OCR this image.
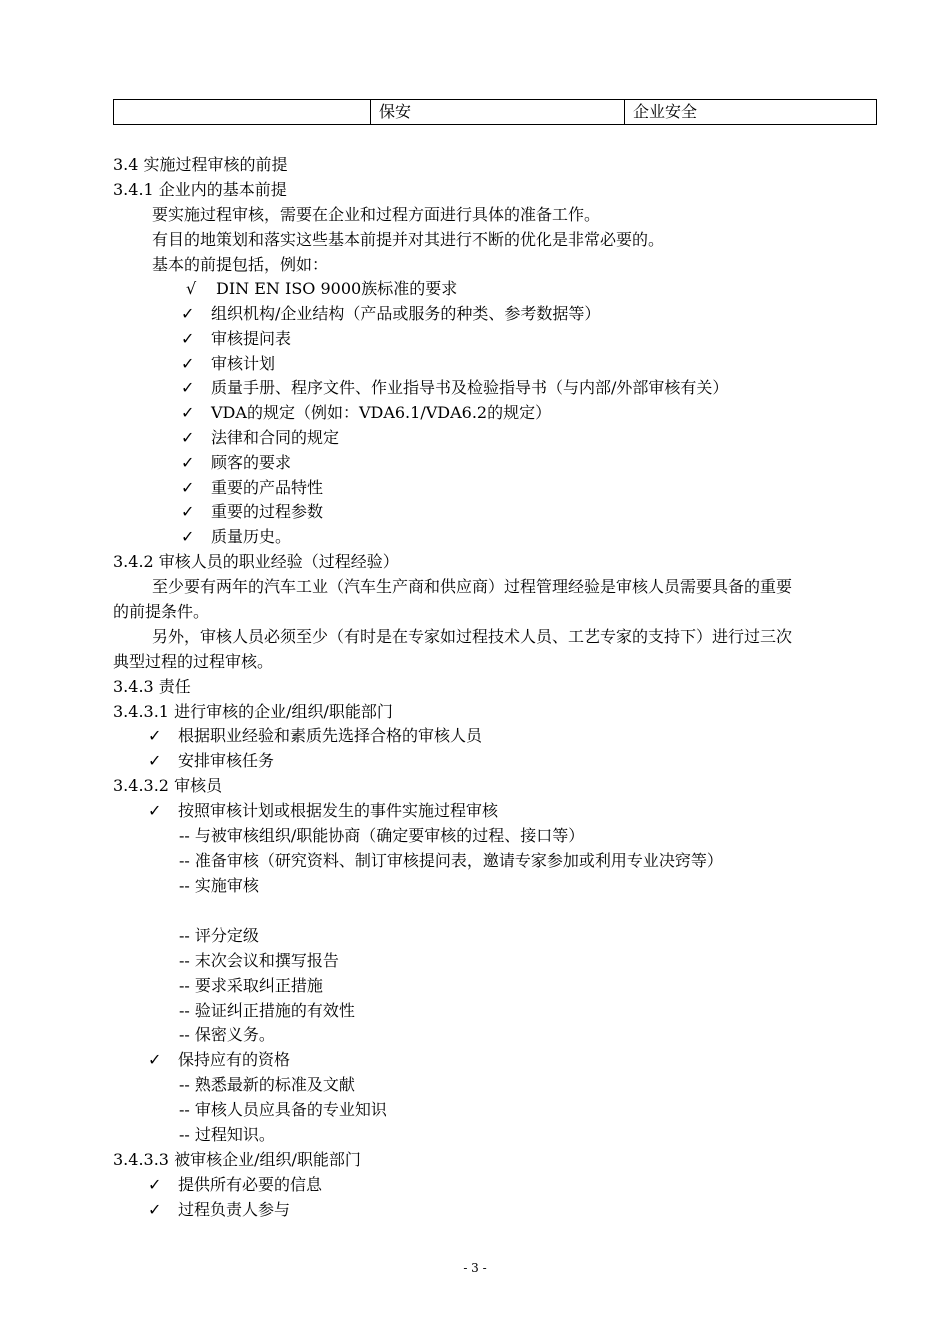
保安	企业安全
3.4 实施过程审核的前提
3.4.1 企业内的基本前提
要实施过程审核，需要在企业和过程方面进行具体的准备工作。
有目的地策划和落实这些基本前提并对其进行不断的优化是非常必要的。
基本的前提包括，例如：
√ DIN EN ISO 9000族标准的要求
✓ 组织机构/企业结构（产品或服务的种类、参考数据等）
✓ 审核提问表
✓ 审核计划
✓ 质量手册、程序文件、作业指导书及检验指导书（与内部/外部审核有关）
✓ VDA的规定（例如：VDA6.1/VDA6.2的规定）
✓ 法律和合同的规定
✓ 顾客的要求
✓ 重要的产品特性
✓ 重要的过程参数
✓ 质量历史。
3.4.2 审核人员的职业经验（过程经验）
至少要有两年的汽车工业（汽车生产商和供应商）过程管理经验是审核人员需要具备的重要
的前提条件。
另外，审核人员必须至少（有时是在专家如过程技术人员、工艺专家的支持下）进行过三次
典型过程的过程审核。
3.4.3 责任
3.4.3.1 进行审核的企业/组织/职能部门
✓ 根据职业经验和素质先选择合格的审核人员
✓ 安排审核任务
3.4.3.2 审核员
✓ 按照审核计划或根据发生的事件实施过程审核
-- 与被审核组织/职能协商（确定要审核的过程、接口等）
-- 准备审核（研究资料、制订审核提问表，邀请专家参加或利用专业决窍等）
-- 实施审核
-- 评分定级
-- 末次会议和撰写报告
-- 要求采取纠正措施
-- 验证纠正措施的有效性
-- 保密义务。
✓ 保持应有的资格
-- 熟悉最新的标准及文献
-- 审核人员应具备的专业知识
-- 过程知识。
3.4.3.3 被审核企业/组织/职能部门
✓ 提供所有必要的信息
✓ 过程负责人参与
- 3 -
